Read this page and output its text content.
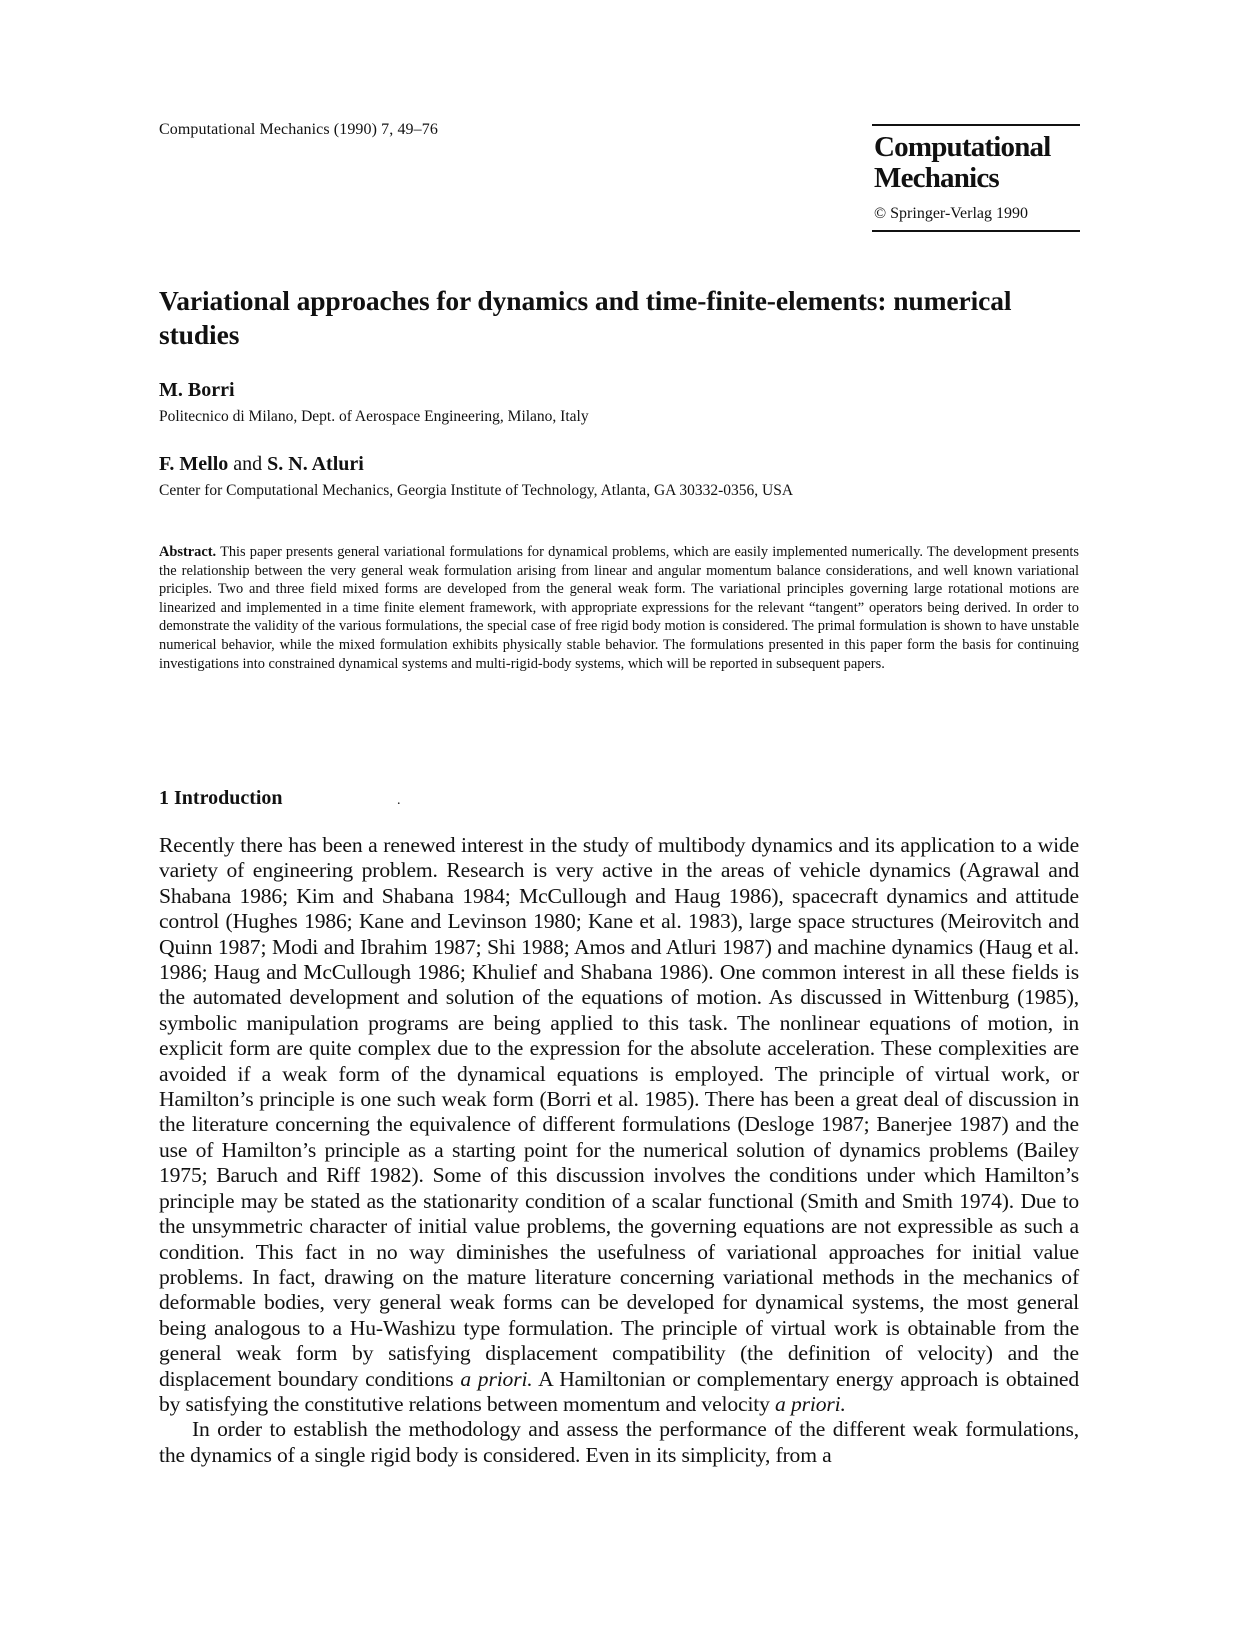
Computational Mechanics (1990) 7, 49–76
Computational
Mechanics
© Springer-Verlag 1990
Variational approaches for dynamics and time-finite-elements: numerical studies
M. Borri
Politecnico di Milano, Dept. of Aerospace Engineering, Milano, Italy
F. Mello and S. N. Atluri
Center for Computational Mechanics, Georgia Institute of Technology, Atlanta, GA 30332-0356, USA

Abstract. This paper presents general variational formulations for dynamical problems, which are easily implemented numerically. The development presents the relationship between the very general weak formulation arising from linear and angular momentum balance considerations, and well known variational priciples. Two and three field mixed forms are developed from the general weak form. The variational principles governing large rotational motions are linearized and implemented in a time finite element framework, with appropriate expressions for the relevant “tangent” operators being derived. In order to demonstrate the validity of the various formulations, the special case of free rigid body motion is considered. The primal formulation is shown to have unstable numerical behavior, while the mixed formulation exhibits physically stable behavior. The formulations presented in this paper form the basis for continuing investigations into constrained dynamical systems and multi-rigid-body systems, which will be reported in subsequent papers.

1 Introduction	.

Recently there has been a renewed interest in the study of multibody dynamics and its application to a wide variety of engineering problem. Research is very active in the areas of vehicle dynamics (Agrawal and Shabana 1986; Kim and Shabana 1984; McCullough and Haug 1986), spacecraft dynamics and attitude control (Hughes 1986; Kane and Levinson 1980; Kane et al. 1983), large space structures (Meirovitch and Quinn 1987; Modi and Ibrahim 1987; Shi 1988; Amos and Atluri 1987) and machine dynamics (Haug et al. 1986; Haug and McCullough 1986; Khulief and Shabana 1986). One common interest in all these fields is the automated development and solution of the equations of motion. As discussed in Wittenburg (1985), symbolic manipulation programs are being applied to this task. The nonlinear equations of motion, in explicit form are quite complex due to the expression for the absolute acceleration. These complexities are avoided if a weak form of the dynamical equations is employed. The principle of virtual work, or Hamilton’s principle is one such weak form (Borri et al. 1985). There has been a great deal of discussion in the literature concerning the equivalence of different formulations (Desloge 1987; Banerjee 1987) and the use of Hamilton’s principle as a starting point for the numerical solution of dynamics problems (Bailey 1975; Baruch and Riff 1982). Some of this discussion involves the conditions under which Hamilton’s principle may be stated as the stationarity condition of a scalar functional (Smith and Smith 1974). Due to the unsymmetric character of initial value problems, the governing equations are not expressible as such a condition. This fact in no way diminishes the usefulness of variational approaches for initial value problems. In fact, drawing on the mature literature concerning variational methods in the mechanics of deformable bodies, very general weak forms can be developed for dynamical systems, the most general being analogous to a Hu-Washizu type formulation. The principle of virtual work is obtainable from the general weak form by satisfying displacement compatibility (the definition of velocity) and the displacement boundary conditions a priori. A Hamiltonian or complementary energy approach is obtained by satisfying the constitutive relations between momentum and velocity a priori.

In order to establish the methodology and assess the performance of the different weak formulations, the dynamics of a single rigid body is considered. Even in its simplicity, from a
